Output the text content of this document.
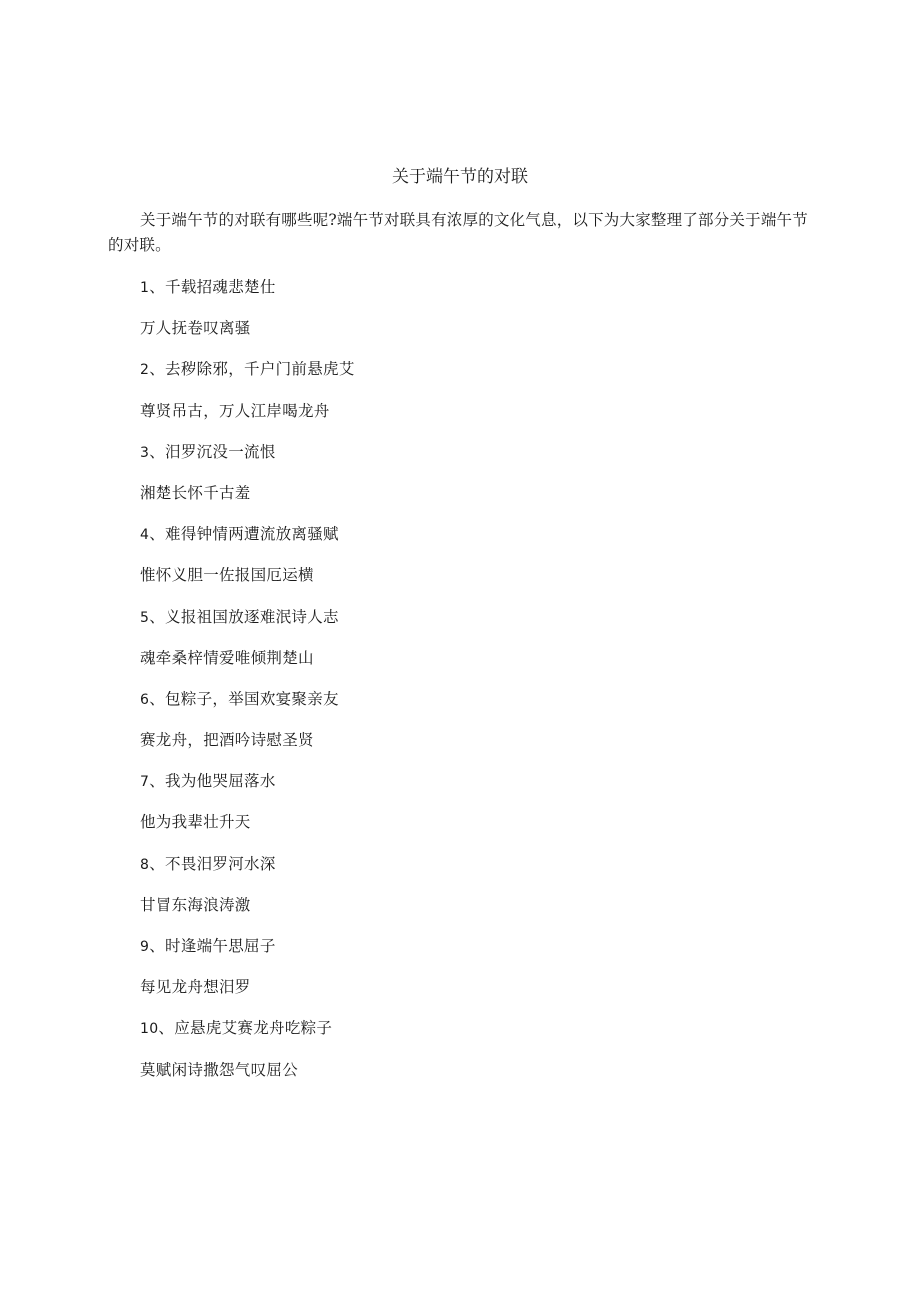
关于端午节的对联

关于端午节的对联有哪些呢?端午节对联具有浓厚的文化气息，以下为大家整理了部分关于端午节的对联。

1、千载招魂悲楚仕
万人抚卷叹离骚
2、去秽除邪，千户门前悬虎艾
尊贤吊古，万人江岸喝龙舟
3、汨罗沉没一流恨
湘楚长怀千古羞
4、难得钟情两遭流放离骚赋
惟怀义胆一佐报国厄运横
5、义报祖国放逐难泯诗人志
魂牵桑梓情爱唯倾荆楚山
6、包粽子，举国欢宴聚亲友
赛龙舟，把酒吟诗慰圣贤
7、我为他哭屈落水
他为我辈壮升天
8、不畏汨罗河水深
甘冒东海浪涛激
9、时逢端午思屈子
每见龙舟想汨罗
10、应悬虎艾赛龙舟吃粽子
莫赋闲诗撒怨气叹屈公
